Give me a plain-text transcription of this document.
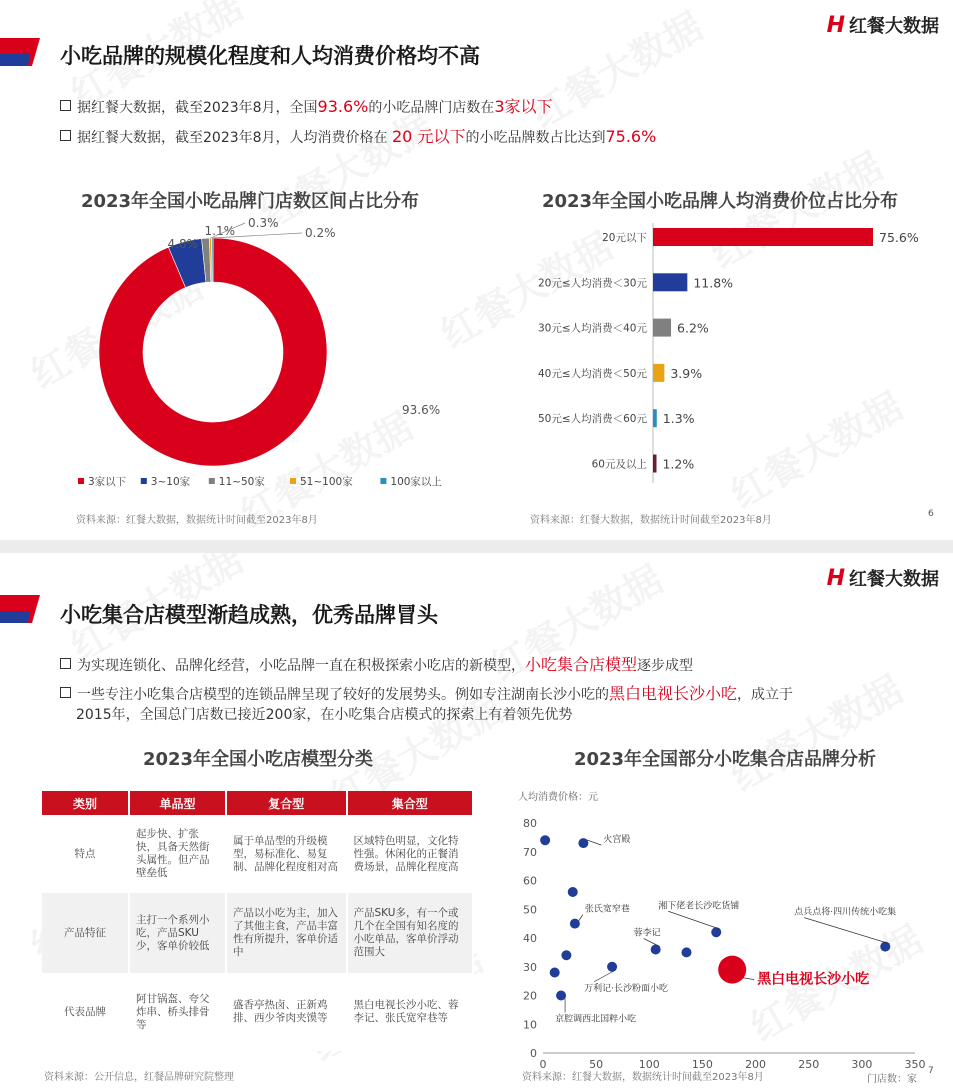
小吃品牌的规模化程度和人均消费价格均不高
H 红餐大数据
据红餐大数据，截至2023年8月，全国93.6%的小吃品牌门店数在3家以下
据红餐大数据，截至2023年8月，人均消费价格在 20 元以下的小吃品牌数占比达到75.6%
2023年全国小吃品牌门店数区间占比分布	2023年全国小吃品牌人均消费价位占比分布
93.6%
4.8%
1.1%
0.3%
0.2%
3家以下 3~10家	11~50家	51~100家	100家以上
20元以下	75.6%
20元≤人均消费＜30元	11.8%
30元≤人均消费＜40元 6.2%
40元≤人均消费＜50元 3.9%
50元≤人均消费＜60元 1.3%
60元及以上 1.2%
资料来源：红餐大数据，数据统计时间截至2023年8月	资料来源：红餐大数据，数据统计时间截至2023年8月
6
小吃集合店模型渐趋成熟，优秀品牌冒头
H 红餐大数据
为实现连锁化、品牌化经营，小吃品牌一直在积极探索小吃店的新模型，小吃集合店模型逐步成型
一些专注小吃集合店模型的连锁品牌呈现了较好的发展势头。例如专注湖南长沙小吃的黑白电视长沙小吃，成立于
2015年，全国总门店数已接近200家，在小吃集合店模式的探索上有着领先优势
2023年全国小吃店模型分类	2023年全国部分小吃集合店品牌分析
类别	单品型	复合型	集合型
特点	起步快、扩张快，具备天然街头属性。但产品壁垒低	属于单品型的升级模型，易标准化、易复制、品牌化程度相对高	区域特色明显，文化特性强。休闲化的正餐消费场景，品牌化程度高
产品特征	主打一个系列小吃，产品SKU少，客单价较低	产品以小吃为主，加入了其他主食，产品丰富性有所提升，客单价适中	产品SKU多，有一个或几个在全国有知名度的小吃单品，客单价浮动范围大
代表品牌	阿甘锅盔、夸父炸串、桥头排骨等	盛香亭热卤、正新鸡排、西少爷肉夹馍等	黑白电视长沙小吃、蓉李记、张氏宽窄巷等
人均消费价格：元
0	50	100	150	200	250	300	350
0
10
20
30
40
50
60
70
80
门店数：家
火宫殿
张氏宽窄巷	湘下佬老长沙吃货铺
蓉李记
点兵点将·四川传统小吃集
万利记·长沙粉面小吃
京腔调西北国粹小吃
黑白电视长沙小吃
资料来源：公开信息，红餐品牌研究院整理	资料来源：红餐大数据，数据统计时间截至2023年8月
7
